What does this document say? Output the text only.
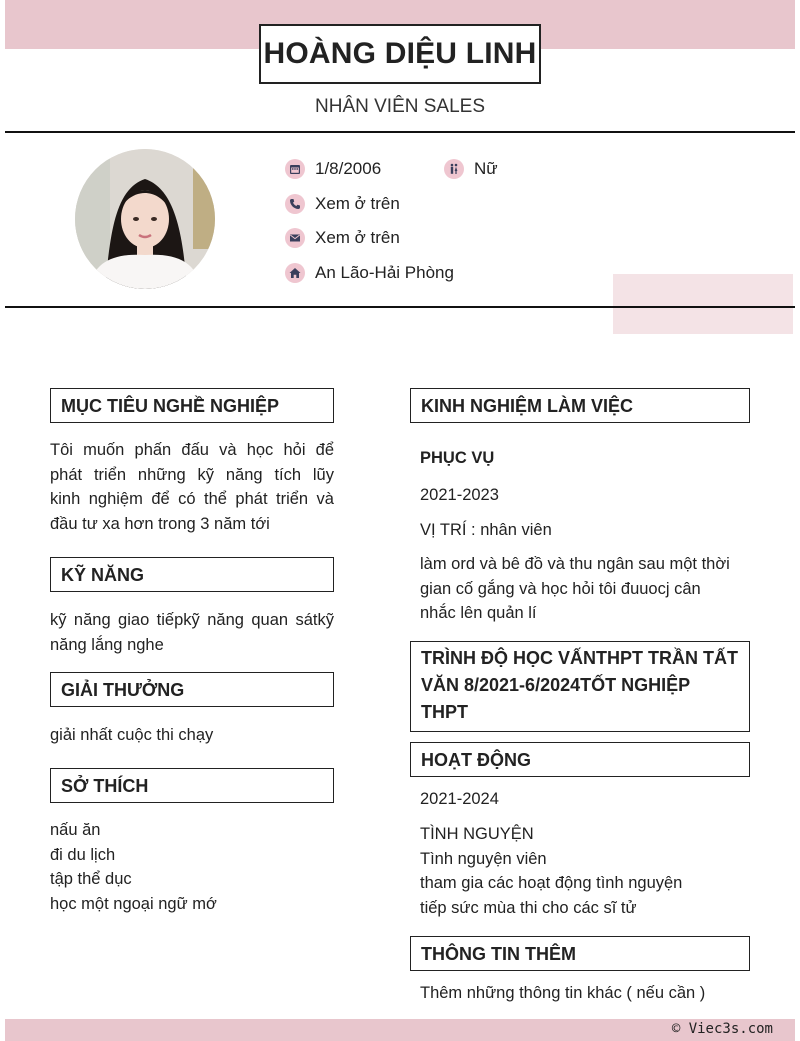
HOÀNG DIỆU LINH
NHÂN VIÊN SALES
1/8/2006	Nữ
Xem ở trên
Xem ở trên
An Lão-Hải Phòng
MỤC TIÊU NGHỀ NGHIỆP
Tôi muốn phấn đấu và học hỏi để
phát triển những kỹ năng tích lũy
kinh nghiệm để có thể phát triển và
đầu tư xa hơn trong 3 năm tới
KỸ NĂNG
kỹ năng giao tiếpkỹ năng quan sátkỹ
năng lắng nghe
GIẢI THƯỞNG
giải nhất cuộc thi chạy
SỞ THÍCH
nấu ăn
đi du lịch
tập thể dục
học một ngoại ngữ mớ
KINH NGHIỆM LÀM VIỆC
PHỤC VỤ
2021-2023
VỊ TRÍ : nhân viên
làm ord và bê đồ và thu ngân sau một thời
gian cố gắng và học hỏi tôi đuuocj cân
nhắc lên quản lí
TRÌNH ĐỘ HỌC VẤNTHPT TRẦN TẤT
VĂN 8/2021-6/2024TỐT NGHIỆP
THPT
HOẠT ĐỘNG
2021-2024
TÌNH NGUYỆN
Tình nguyện viên
tham gia các hoạt động tình nguyện
tiếp sức mùa thi cho các sĩ tử
THÔNG TIN THÊM
Thêm những thông tin khác ( nếu cần )
© Viec3s.com
